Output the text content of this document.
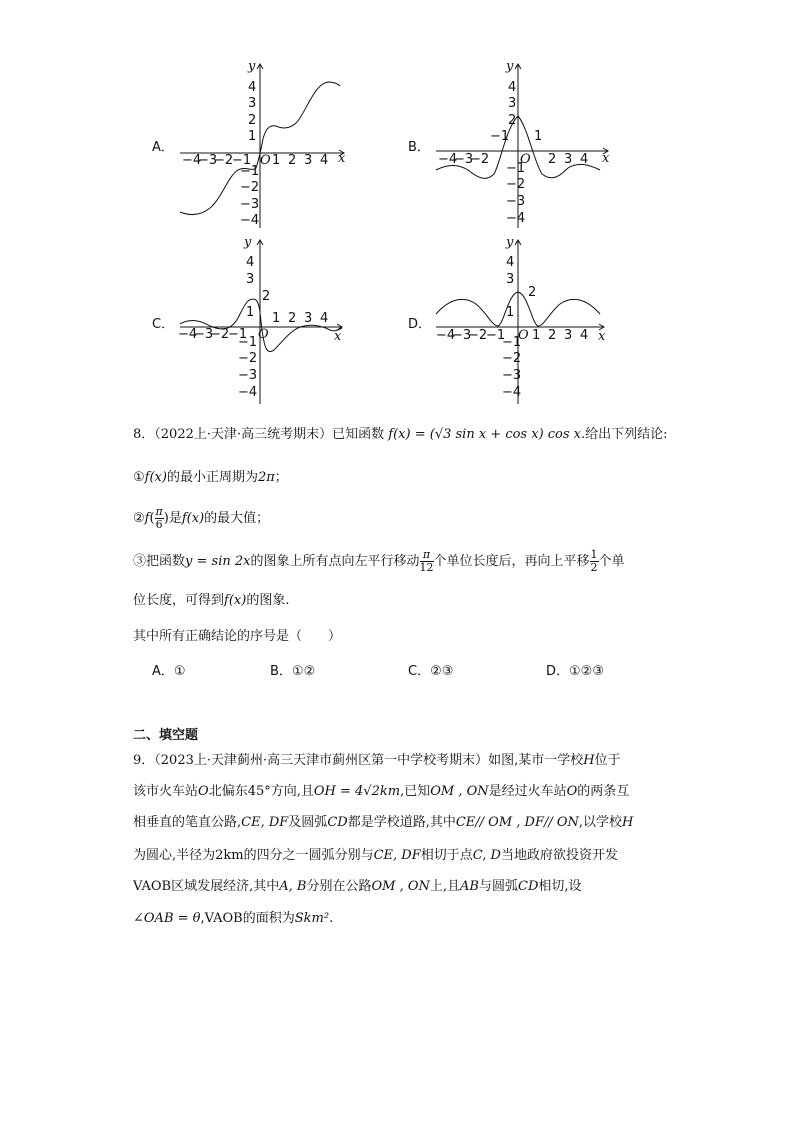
A．	B．
C．	D．
y
x
−4
−3
−2
−1 O 1 2 3 4
4
3
2
1
−1
−2
−3
−4
y
x
−4
−3
−2
−1
O
1
2 3 4
4
3
2
−1
−2
−3
−4
y
x
−4
−3
−2
−1 O
1 2 3 4
4
3
2
1
−1
−2
−3
−4
y
x
−4
−3
−2
−1 O 1 2 3 4
4
3
2
1
−1
−2
−3
−4
8．（2022上·天津·高三统考期末）已知函数 f(x) = (√3 sin x + cos x) cos x.给出下列结论:
①f(x)的最小正周期为2π；
②f( $\frac{\pi}{6}$ )是f(x)的最大值；
③把函数y = sin 2x的图象上所有点向左平行移动 $\frac{\pi}{12}$ 个单位长度后，再向上平移 $\frac{1}{2}$ 个单
位长度，可得到f(x)的图象.
其中所有正确结论的序号是（　　）
A．①	B．①②	C．②③	D．①②③
二、填空题
9．（2023上·天津蓟州·高三天津市蓟州区第一中学校考期末）如图,某市一学校H位于
该市火车站O北偏东45°方向,且OH = 4√2km,已知OM , ON是经过火车站O的两条互
相垂直的笔直公路,CE, DF及圆弧CD都是学校道路,其中CE// OM , DF// ON,以学校H
为圆心,半径为2km的四分之一圆弧分别与CE, DF相切于点C, D当地政府欲投资开发
VAOB区域发展经济,其中A, B分别在公路OM , ON上,且AB与圆弧CD相切,设
∠OAB = θ,VAOB的面积为Skm².
